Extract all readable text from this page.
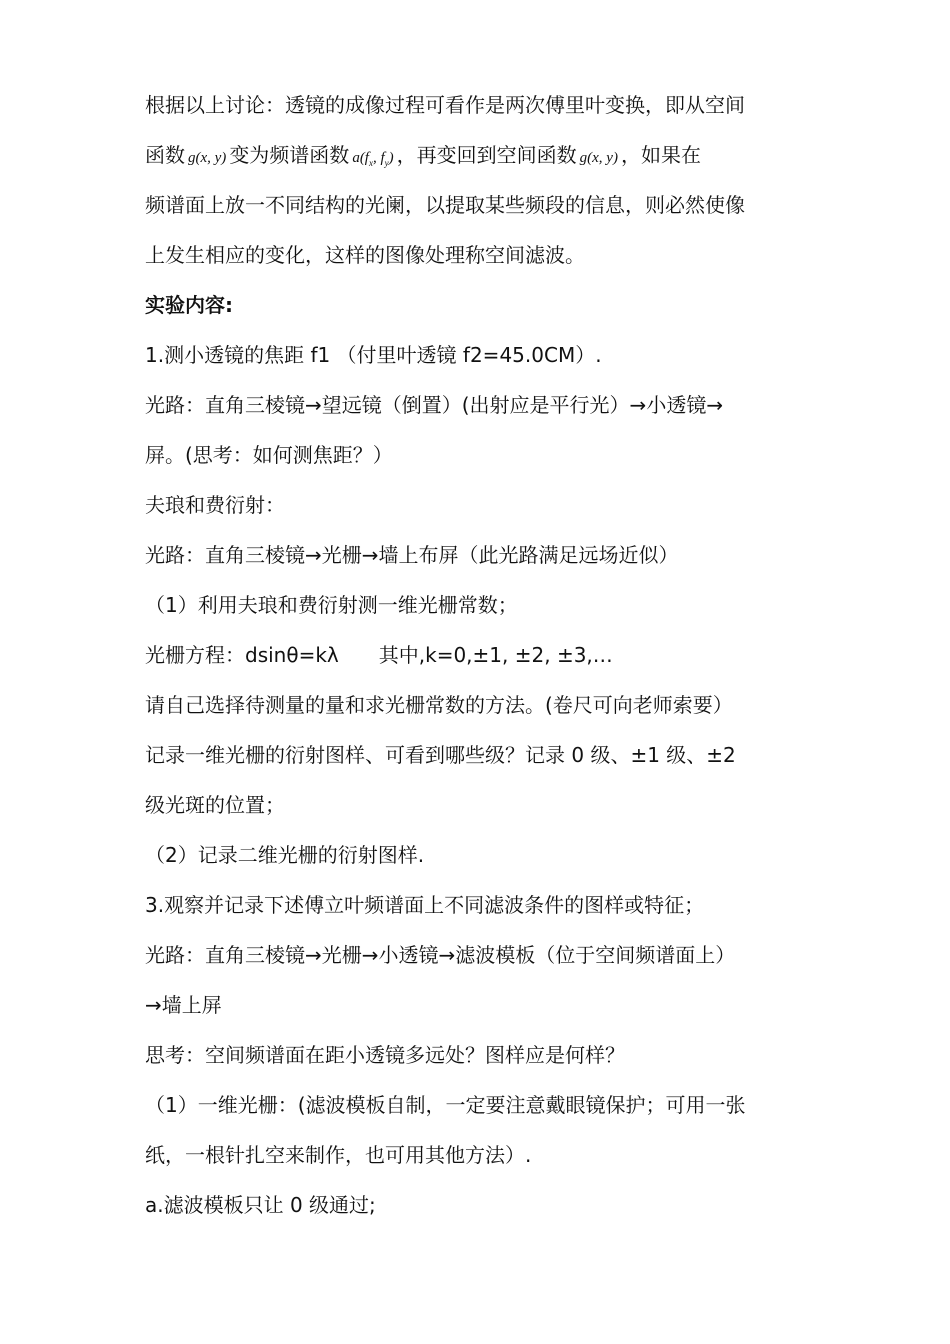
根据以上讨论：透镜的成像过程可看作是两次傅里叶变换，即从空间
函数 g(x, y) 变为频谱函数 $a(f_x$, $f_y$) ，再变回到空间函数 g(x, y) ，如果在
频谱面上放一不同结构的光阑，以提取某些频段的信息，则必然使像
上发生相应的变化，这样的图像处理称空间滤波。
实验内容:
1.测小透镜的焦距 f1 （付里叶透镜 f2=45.0CM）.
光路：直角三棱镜→望远镜（倒置）(出射应是平行光）→小透镜→
屏。(思考：如何测焦距？）
夫琅和费衍射：
光路：直角三棱镜→光栅→墙上布屏（此光路满足远场近似）
（1）利用夫琅和费衍射测一维光栅常数；
光栅方程：dsinθ=kλ 其中,k=0,±1, ±2, ±3,…
请自己选择待测量的量和求光栅常数的方法。(卷尺可向老师索要）
记录一维光栅的衍射图样、可看到哪些级？记录 0 级、±1 级、±2
级光斑的位置；
（2）记录二维光栅的衍射图样.
3.观察并记录下述傅立叶频谱面上不同滤波条件的图样或特征；
光路：直角三棱镜→光栅→小透镜→滤波模板（位于空间频谱面上）
→墙上屏
思考：空间频谱面在距小透镜多远处？图样应是何样？
（1）一维光栅：(滤波模板自制，一定要注意戴眼镜保护；可用一张
纸，一根针扎空来制作，也可用其他方法）.
a.滤波模板只让 0 级通过;
